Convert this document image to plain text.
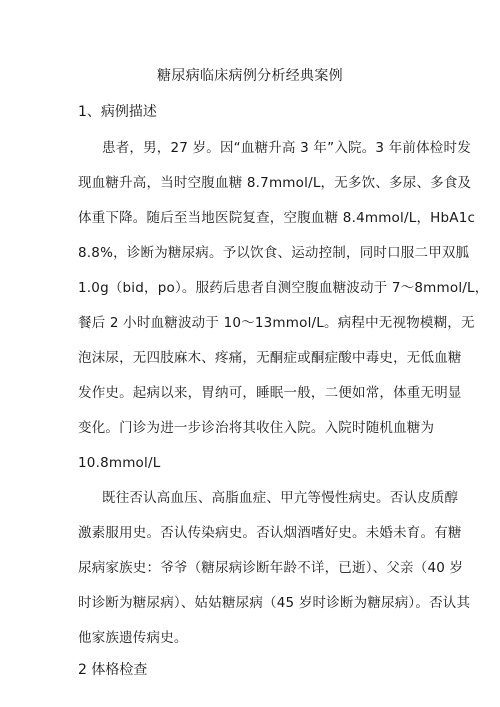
糖尿病临床病例分析经典案例
1、病例描述
患者，男，27 岁。因“血糖升高 3 年”入院。3 年前体检时发
现血糖升高，当时空腹血糖 8.7mmol/L，无多饮、多尿、多食及
体重下降。随后至当地医院复查，空腹血糖 8.4mmol/L，HbA1c
8.8%，诊断为糖尿病。予以饮食、运动控制，同时口服二甲双胍
1.0g（bid，po）。服药后患者自测空腹血糖波动于 7～8mmol/L，
餐后 2 小时血糖波动于 10～13mmol/L。病程中无视物模糊，无
泡沫尿，无四肢麻木、疼痛，无酮症或酮症酸中毒史，无低血糖
发作史。起病以来，胃纳可，睡眠一般，二便如常，体重无明显
变化。门诊为进一步诊治将其收住入院。入院时随机血糖为
10.8mmol/L
既往否认高血压、高脂血症、甲亢等慢性病史。否认皮质醇
激素服用史。否认传染病史。否认烟酒嗜好史。未婚未育。有糖
尿病家族史：爷爷（糖尿病诊断年龄不详，已逝）、父亲（40 岁
时诊断为糖尿病）、姑姑糖尿病（45 岁时诊断为糖尿病）。否认其
他家族遗传病史。
2 体格检查
